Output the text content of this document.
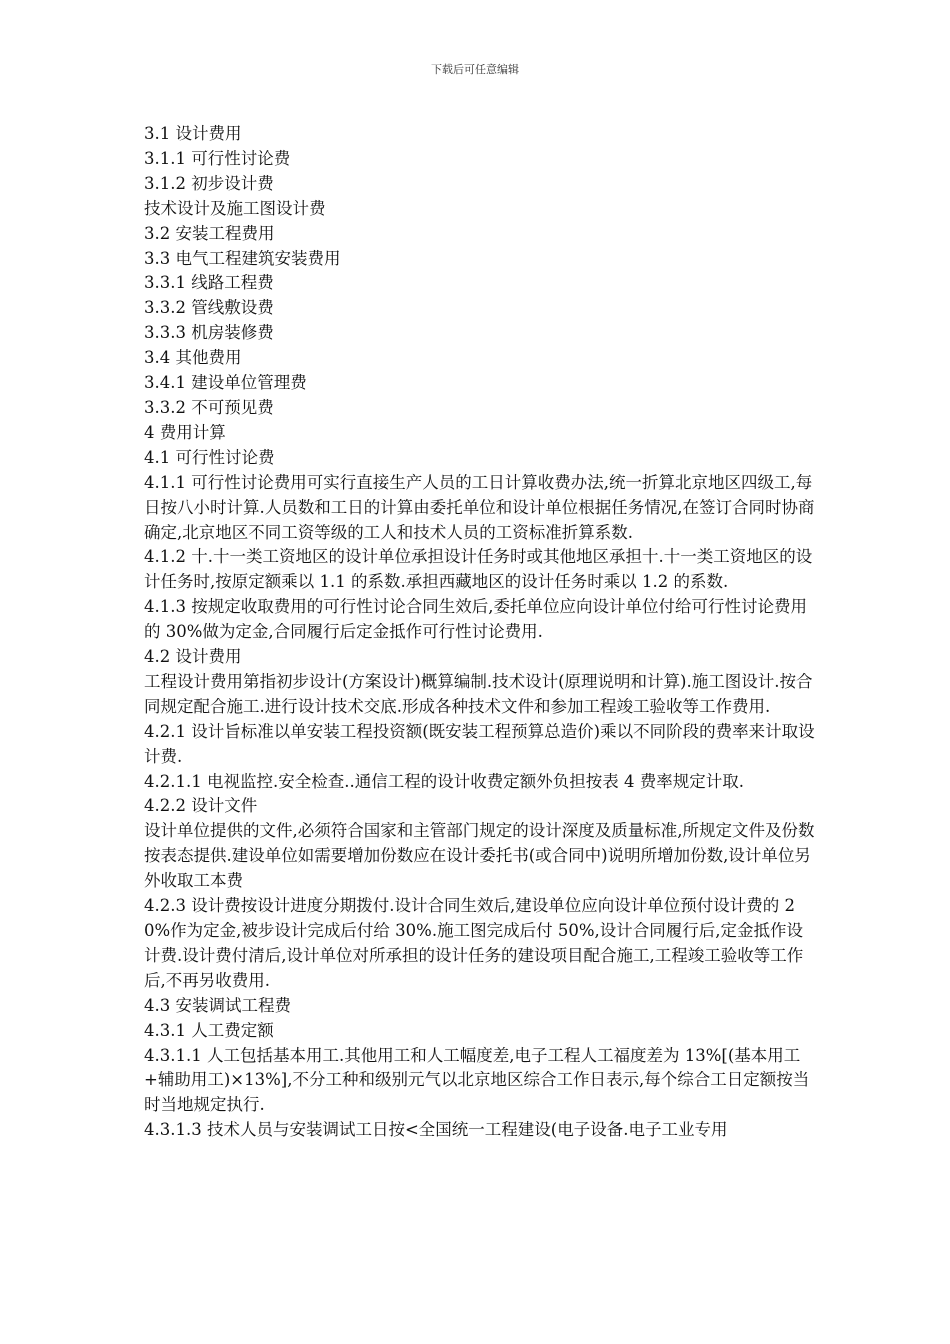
下载后可任意编辑

3.1 设计费用

3.1.1 可行性讨论费

3.1.2 初步设计费

技术设计及施工图设计费

3.2 安装工程费用

3.3 电气工程建筑安装费用

3.3.1 线路工程费

3.3.2 管线敷设费

3.3.3 机房装修费

3.4 其他费用

3.4.1 建设单位管理费

3.3.2 不可预见费

4 费用计算

4.1 可行性讨论费

4.1.1 可行性讨论费用可实行直接生产人员的工日计算收费办法,统一折算北京地区四级工,每日按八小时计算.人员数和工日的计算由委托单位和设计单位根据任务情况,在签订合同时协商确定,北京地区不同工资等级的工人和技术人员的工资标准折算系数.

4.1.2 十.十一类工资地区的设计单位承担设计任务时或其他地区承担十.十一类工资地区的设计任务时,按原定额乘以 1.1 的系数.承担西藏地区的设计任务时乘以 1.2 的系数.

4.1.3 按规定收取费用的可行性讨论合同生效后,委托单位应向设计单位付给可行性讨论费用的 30%做为定金,合同履行后定金抵作可行性讨论费用.

4.2 设计费用

工程设计费用第指初步设计(方案设计)概算编制.技术设计(原理说明和计算).施工图设计.按合同规定配合施工.进行设计技术交底.形成各种技术文件和参加工程竣工验收等工作费用.

4.2.1 设计旨标准以单安装工程投资额(既安装工程预算总造价)乘以不同阶段的费率来计取设计费.

4.2.1.1 电视监控.安全检查..通信工程的设计收费定额外负担按表 4 费率规定计取.

4.2.2 设计文件

设计单位提供的文件,必须符合国家和主管部门规定的设计深度及质量标准,所规定文件及份数按表态提供.建设单位如需要增加份数应在设计委托书(或合同中)说明所增加份数,设计单位另外收取工本费

4.2.3 设计费按设计进度分期拨付.设计合同生效后,建设单位应向设计单位预付设计费的 20%作为定金,被步设计完成后付给 30%.施工图完成后付 50%,设计合同履行后,定金抵作设计费.设计费付清后,设计单位对所承担的设计任务的建设项目配合施工,工程竣工验收等工作后,不再另收费用.

4.3 安装调试工程费

4.3.1 人工费定额

4.3.1.1 人工包括基本用工.其他用工和人工幅度差,电子工程人工福度差为 13%[(基本用工+辅助用工)×13%],不分工种和级别元气以北京地区综合工作日表示,每个综合工日定额按当时当地规定执行.

4.3.1.3 技术人员与安装调试工日按<全国统一工程建设(电子设备.电子工业专用
